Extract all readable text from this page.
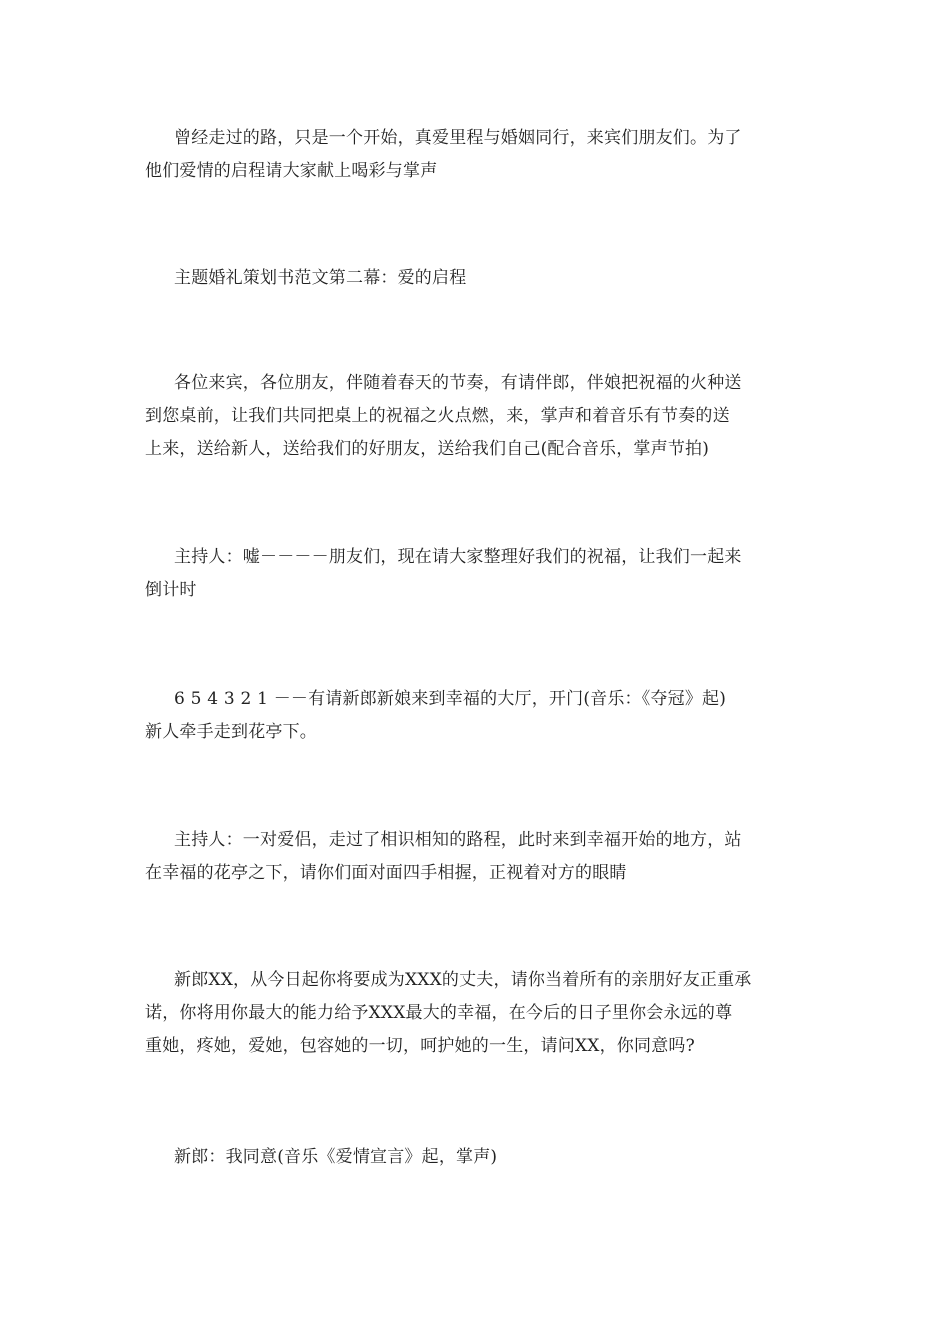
曾经走过的路，只是一个开始，真爱里程与婚姻同行，来宾们朋友们。为了
他们爱情的启程请大家献上喝彩与掌声

主题婚礼策划书范文第二幕：爱的启程

各位来宾，各位朋友，伴随着春天的节奏，有请伴郎，伴娘把祝福的火种送
到您桌前，让我们共同把桌上的祝福之火点燃，来，掌声和着音乐有节奏的送
上来，送给新人，送给我们的好朋友，送给我们自己(配合音乐，掌声节拍)

主持人：嘘－－－－朋友们，现在请大家整理好我们的祝福，让我们一起来
倒计时

6 5 4 3 2 1 －－有请新郎新娘来到幸福的大厅，开门(音乐：《夺冠》起)
新人牵手走到花亭下。

主持人：一对爱侣，走过了相识相知的路程，此时来到幸福开始的地方，站
在幸福的花亭之下，请你们面对面四手相握，正视着对方的眼睛

新郎XX，从今日起你将要成为XXX的丈夫，请你当着所有的亲朋好友正重承
诺，你将用你最大的能力给予XXX最大的幸福，在今后的日子里你会永远的尊
重她，疼她，爱她，包容她的一切，呵护她的一生，请问XX，你同意吗?

新郎：我同意(音乐《爱情宣言》起，掌声)
